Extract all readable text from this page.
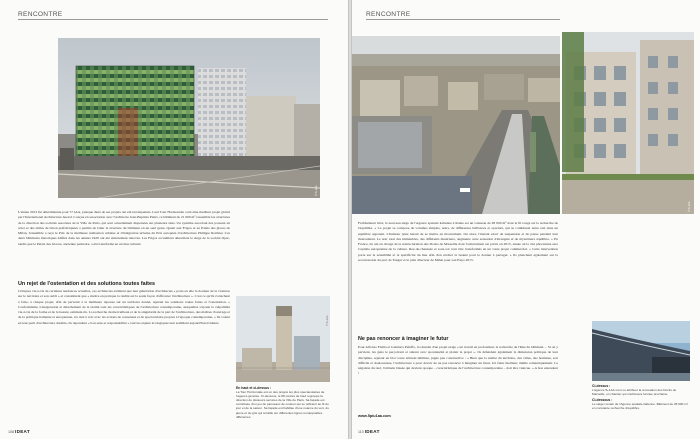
RENCONTRE
© 5+1AA

L'année 2013 fut déterminante pour 5+1AA, puisque deux de ses projets ont été récompensés. Leur Tour Horizontale a été élue meilleur projet global par l'International Architecture Award. Conçue en association avec l'architecte Jean-Baptiste Pietri, ce bâtiment de 21 000 m² rassemble les structures de la direction des sociétés associées de la Ville de Paris, qui sont actuellement dispersées sur plusieurs sites. Un système associant des poteaux en acier et des dalles de béton préfabriquées a permis de lalier la structure du bâtiment en un seul geste. Quant aux Frigos et au Palais des glaces de Milan, l'ensemble a reçu le Prix de la meilleure réalisation urbaine et d'intégration urbaine du Prix européen d'architecture Philippe Rotthier. Ces deux bâtiments historiques édifiés dans les années 1920 ont été entièrement rénovés. Les Frigos accueillent désormais le siège de la société Opec, tandis que le Palais des Glaces, ancienne patinoire, a été transformé en un lieu culturel.

Un rejet de l'ostentation et des solutions toutes faites

Critiques vis-à-vis de certaines tendances actuelles, ces architectes estiment que leur génération d'architectes « porte en elle la douleur de la violence sur le territoire et son oubli » et considèrent que « mettre en pratique la réalité est la seule façon d'affronter l'architecture ». C'est ce qu'ils s'attachent à faire, à chaque projet, afin de parvenir à la meilleure réponse sur un territoire donné, rejetant les solutions toutes faites et l'ostentation. « Conformisme, transgression et détachement de la réalité sont les caractéristiques de l'architecture contemporaine, auxquelles s'ajoute la culpabilité vis-à-vis de la forme et de la beauté, estiment-ils. La recherche du merveilleux et de la singularité de la part de l'architecture, des maîtres d'ouvrage et de la politique italienne et européenne, n'a rien à voir avec les actions de consensus et de spectaculaire propres à l'époque contemporaine. » Ils voient en leur parti d'architecture durable, ils répondent « bon sens et responsabilité » tant les enjeux écologiques leur semblent aujourd'hui évidents.	© 5+1AA
En haut et ci-dessus :
La Tour Horizontale est un des projets les plus spectaculaires de l'agence génoise. Ci-dessous, le 88 mètres de haut regroupe la direction de plusieurs services de la Ville de Paris. Sa façade est constituée d'un jeu de panneaux de couleur qui se reflètent au fil du jour et de la saison. Sa façade est habillée d'une nuance du vert, du jaune et du gris qui scintille sur différentes lignes remarquables différentes.
108 IDEAT
RENCONTRE
© 5+1AA

Fraîchement livré, le nouveau siège de l'Agence spatiale italienne à Rome est un vaisseau de 28 000 m² dont le fil rouge est la recherche de l'équilibre. « Ce projet se compose de volumes simples, noirs, de différentes brillances et opacités, qui se combinent entre eux dans un équilibre apparent. L'humour juste tenant de se mettre en mouvement. Ou alors, l'instant exact de suspension et de pause pendant leur mouvement. Le noir total des immeubles, des différents matériaux, augmente cette sensation d'étrangeté et de mystérieux équilibre. » En France, ils ont en charge de la restructuration des Docks de Marseille dont l'achèvement est prévu en 2015, année où la cité phocéenne sera Capitale européenne de la culture. Rez-de-chaussée et sous-sol vont être transformés en un vaste projet commercial. « Cette intervention porte sur la sensibilité et la spécificité du lieu afin d'en révéler la beauté pour le donner à partager. » Ils planchent également sur la reconversion du port de Tanger et le plan directeur de Milan pour son Expo 2015.

Ne pas renoncer à imaginer le futur

Pour Alfonso Femia et Gianluca Peluffo, la réussite d'un projet exige « un travail en profondeur, la recherche de l'âme du bâtiment… Si on y parvient, les gens le perçoivent et sièrent avec spontanéité et plaisir le projet ». Ils défendent également la dimension politique de leur discipline, rejetant en bloc toute attitude nihiliste, jugée peu constructive : « Bien que la réalité du territoire, des villes, des hommes, soit difficile et douloureuse, l'architecture a pour devoir de ne pas renoncer à imaginer un futur. Un futur meilleur, même romantiquement. La négation du réel, l'attitude blasée qui devient opaque – caractéristique de l'architecture contemporaine – doit être vaincue. » A bon entendeur !

www.5piu1aa.com
Ci-dessus :
L'agence 5+1AA s'est vu attribuer la rénovation des Docks de Marseille, un chantier qui s'achèvera l'année prochaine.
Ci-dessous :
Le siège romain de l'Agence spatiale italienne. Bâtiment de 28 000 m² en constante recherche d'équilibre.
110 IDEAT
